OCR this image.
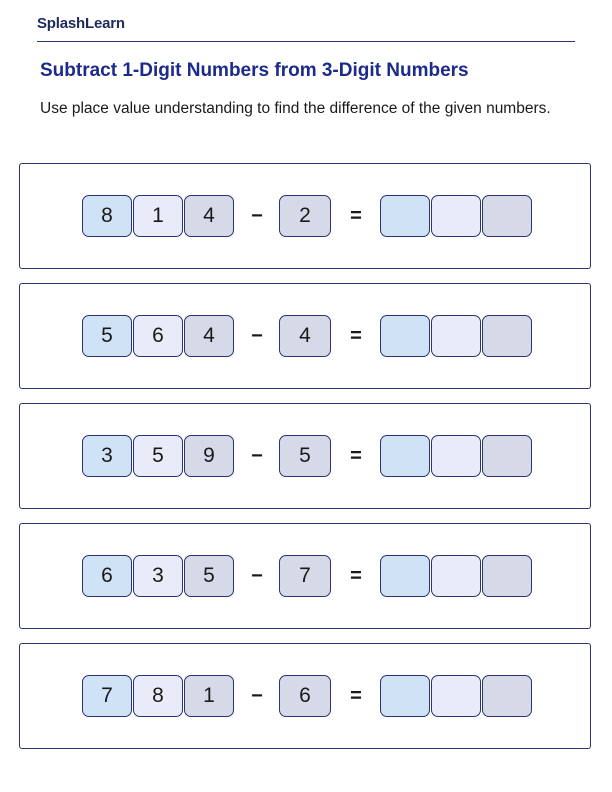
SplashLearn
Subtract 1-Digit Numbers from 3-Digit Numbers
Use place value understanding to find the difference of the given numbers.
8	1	4	−	2	=
5	6	4	−	4	=
3	5	9	−	5	=
6	3	5	−	7	=
7	8	1	−	6	=
